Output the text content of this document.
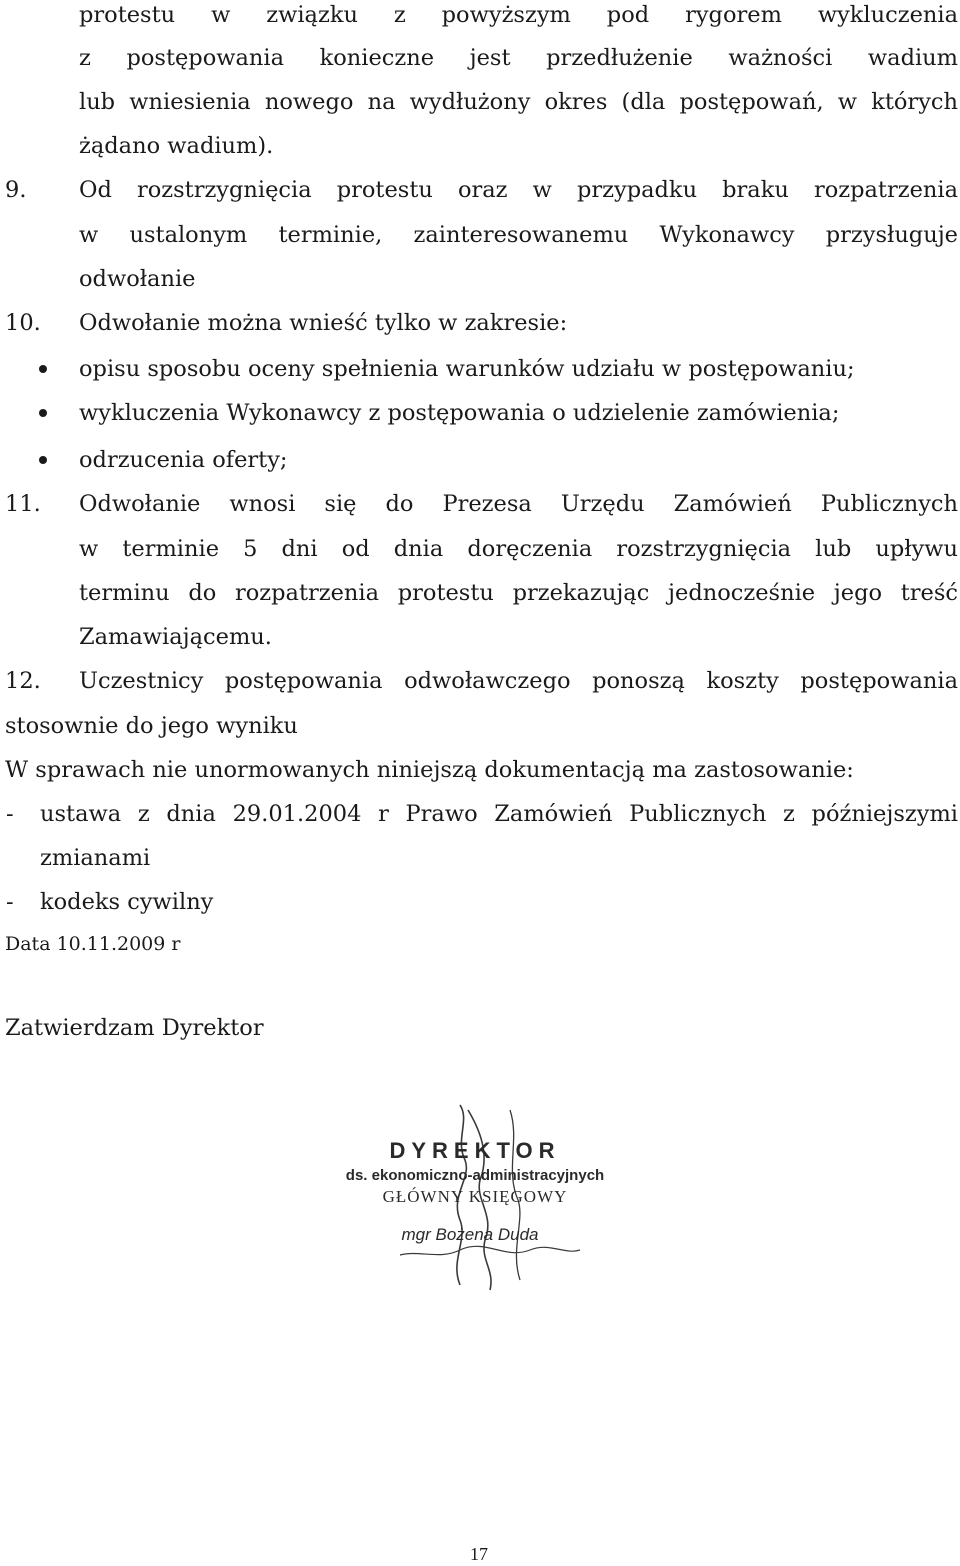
protestu w związku z powyższym pod rygorem wykluczenia
z postępowania konieczne jest przedłużenie ważności wadium
lub wniesienia nowego na wydłużony okres (dla postępowań, w których
żądano wadium).
9. Od rozstrzygnięcia protestu oraz w przypadku braku rozpatrzenia
w ustalonym terminie, zainteresowanemu Wykonawcy przysługuje
odwołanie
10. Odwołanie można wnieść tylko w zakresie:
opisu sposobu oceny spełnienia warunków udziału w postępowaniu;
wykluczenia Wykonawcy z postępowania o udzielenie zamówienia;
odrzucenia oferty;
11. Odwołanie wnosi się do Prezesa Urzędu Zamówień Publicznych
w terminie 5 dni od dnia doręczenia rozstrzygnięcia lub upływu
terminu do rozpatrzenia protestu przekazując jednocześnie jego treść
Zamawiającemu.
12. Uczestnicy postępowania odwoławczego ponoszą koszty postępowania
stosownie do jego wyniku
W sprawach nie unormowanych niniejszą dokumentacją ma zastosowanie:
- ustawa z dnia 29.01.2004 r Prawo Zamówień Publicznych z późniejszymi
zmianami
- kodeks cywilny
Data 10.11.2009 r
Zatwierdzam Dyrektor
DYREKTOR
ds. ekonomiczno-administracyjnych
GŁÓWNY KSIĘGOWY
mgr Bożena Duda
17
